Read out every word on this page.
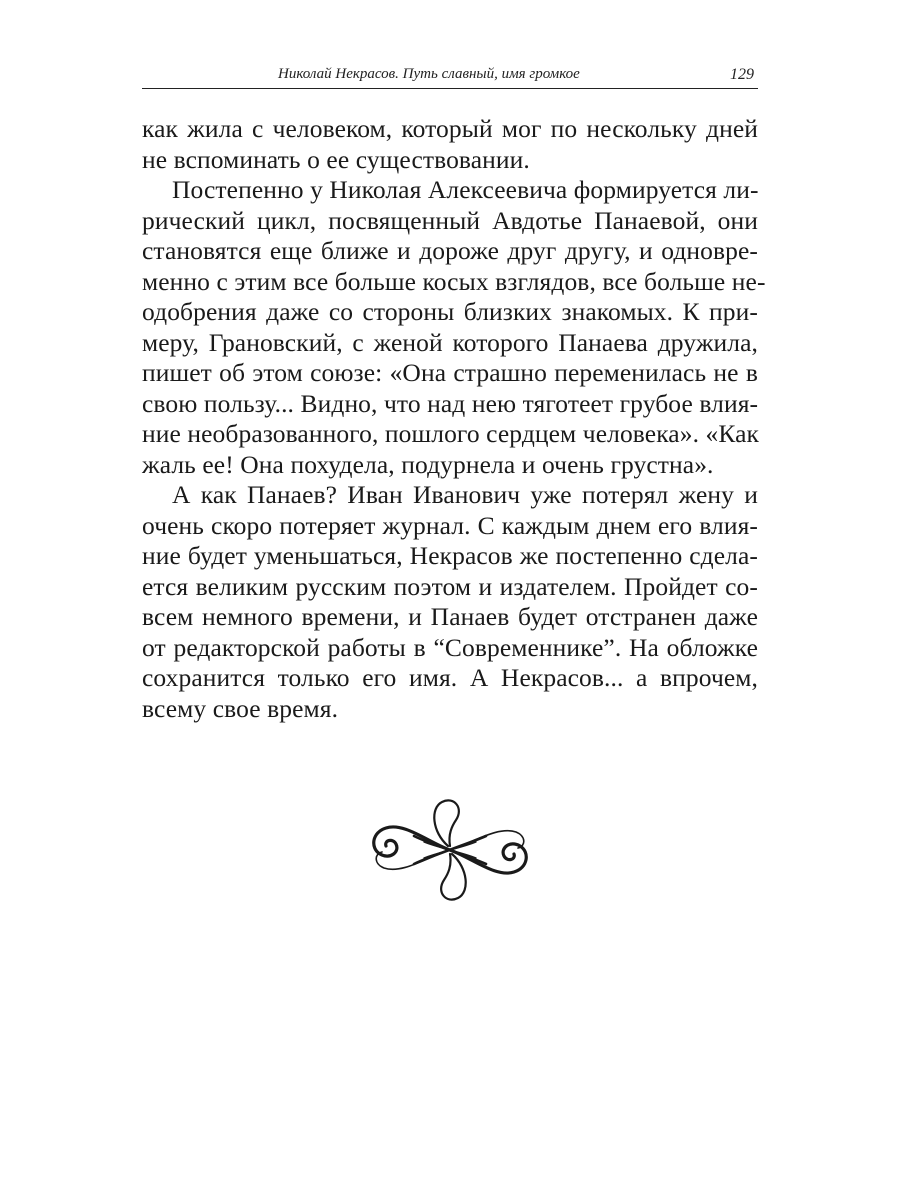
Николай Некрасов. Путь славный, имя громкое	129
как жила с человеком, который мог по нескольку дней
не вспоминать о ее существовании.
Постепенно у Николая Алексеевича формируется ли-
рический цикл, посвященный Авдотье Панаевой, они
становятся еще ближе и дороже друг другу, и одновре-
менно с этим все больше косых взглядов, все больше не-
одобрения даже со стороны близких знакомых. К при-
меру, Грановский, с женой которого Панаева дружила,
пишет об этом союзе: «Она страшно переменилась не в
свою пользу... Видно, что над нею тяготеет грубое влия-
ние необразованного, пошлого сердцем человека». «Как
жаль ее! Она похудела, подурнела и очень грустна».
А как Панаев? Иван Иванович уже потерял жену и
очень скоро потеряет журнал. С каждым днем его влия-
ние будет уменьшаться, Некрасов же постепенно сдела-
ется великим русским поэтом и издателем. Пройдет со-
всем немного времени, и Панаев будет отстранен даже
от редакторской работы в “Современнике”. На обложке
сохранится только его имя. А Некрасов... а впрочем,
всему свое время.
